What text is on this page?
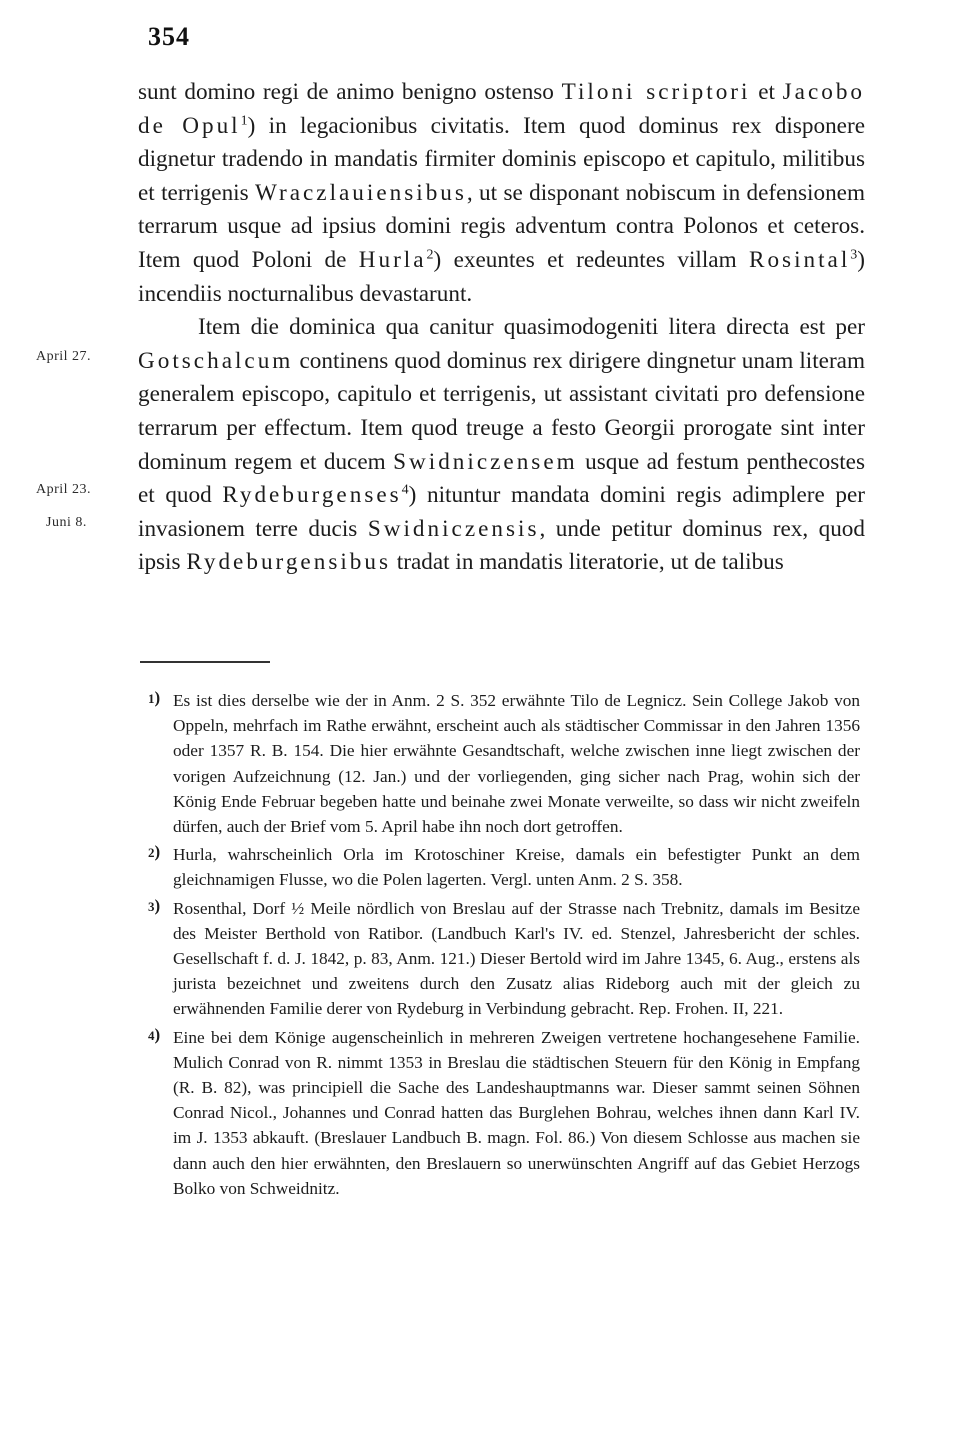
354
April 27.
April 23.
Juni 8.

sunt domino regi de animo benigno ostenso Tiloni scriptori et Jacobo de Opul$^1$) in legacionibus civitatis. Item quod dominus rex disponere dignetur tradendo in mandatis firmiter dominis episcopo et capitulo, militibus et terrigenis Wraczlauiensibus, ut se disponant nobiscum in defensionem terrarum usque ad ipsius domini regis adventum contra Polonos et ceteros. Item quod Poloni de Hurla$^2$) exeuntes et redeuntes villam Rosintal$^3$) incendiis nocturnalibus devastarunt.

Item die dominica qua canitur quasimodogeniti litera directa est per Gotschalcum continens quod dominus rex dirigere dingnetur unam literam generalem episcopo, capitulo et terrigenis, ut assistant civitati pro defensione terrarum per effectum. Item quod treuge a festo Georgii prorogate sint inter dominum regem et ducem Swidniczensem usque ad festum penthecostes et quod Rydeburgenses$^4$) nituntur mandata domini regis adimplere per invasionem terre ducis Swidniczensis, unde petitur dominus rex, quod ipsis Rydeburgensibus tradat in mandatis literatorie, ut de talibus

1) Es ist dies derselbe wie der in Anm. 2 S. 352 erwähnte Tilo de Legnicz. Sein College Jakob von Oppeln, mehrfach im Rathe erwähnt, erscheint auch als städtischer Commissar in den Jahren 1356 oder 1357 R. B. 154. Die hier erwähnte Gesandtschaft, welche zwischen inne liegt zwischen der vorigen Aufzeichnung (12. Jan.) und der vorliegenden, ging sicher nach Prag, wohin sich der König Ende Februar begeben hatte und beinahe zwei Monate verweilte, so dass wir nicht zweifeln dürfen, auch der Brief vom 5. April habe ihn noch dort getroffen.
2) Hurla, wahrscheinlich Orla im Krotoschiner Kreise, damals ein befestigter Punkt an dem gleichnamigen Flusse, wo die Polen lagerten. Vergl. unten Anm. 2 S. 358.
3) Rosenthal, Dorf ½ Meile nördlich von Breslau auf der Strasse nach Trebnitz, damals im Besitze des Meister Berthold von Ratibor. (Landbuch Karl's IV. ed. Stenzel, Jahresbericht der schles. Gesellschaft f. d. J. 1842, p. 83, Anm. 121.) Dieser Bertold wird im Jahre 1345, 6. Aug., erstens als jurista bezeichnet und zweitens durch den Zusatz alias Rideborg auch mit der gleich zu erwähnenden Familie derer von Rydeburg in Verbindung gebracht. Rep. Frohen. II, 221.
4) Eine bei dem Könige augenscheinlich in mehreren Zweigen vertretene hochangesehene Familie. Mulich Conrad von R. nimmt 1353 in Breslau die städtischen Steuern für den König in Empfang (R. B. 82), was principiell die Sache des Landeshauptmanns war. Dieser sammt seinen Söhnen Conrad Nicol., Johannes und Conrad hatten das Burglehen Bohrau, welches ihnen dann Karl IV. im J. 1353 abkauft. (Breslauer Landbuch B. magn. Fol. 86.) Von diesem Schlosse aus machen sie dann auch den hier erwähnten, den Breslauern so unerwünschten Angriff auf das Gebiet Herzogs Bolko von Schweidnitz.
